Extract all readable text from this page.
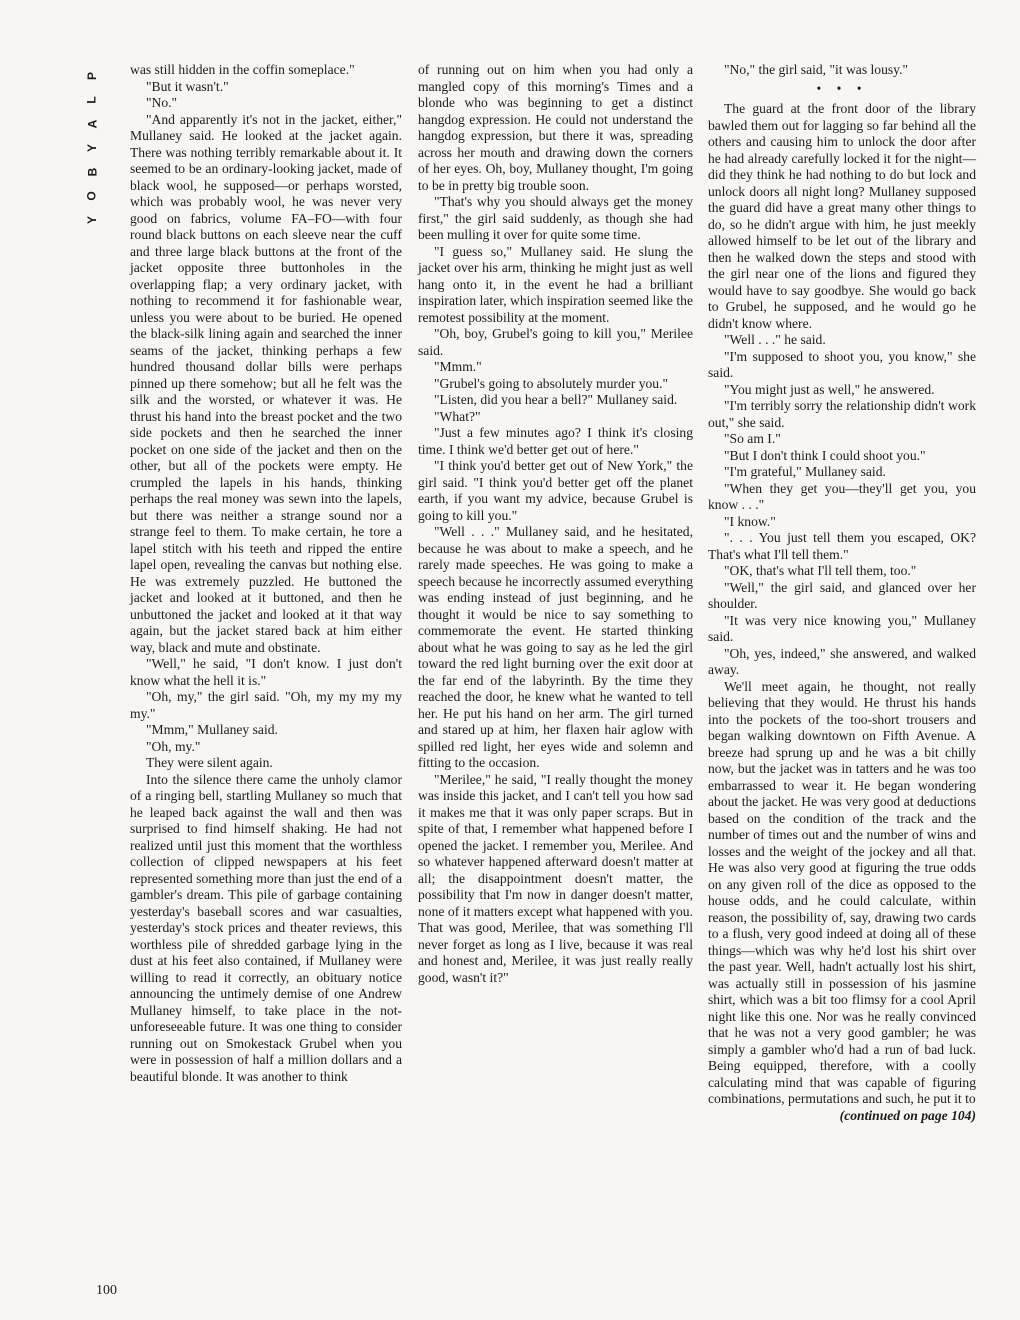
P
L
A
Y
B
O
Y

was still hidden in the coffin someplace."

"But it wasn't."

"No."

"And apparently it's not in the jacket, either," Mullaney said. He looked at the jacket again. There was nothing terribly remarkable about it. It seemed to be an ordinary-looking jacket, made of black wool, he supposed—or perhaps worsted, which was probably wool, he was never very good on fabrics, volume FA–FO—with four round black buttons on each sleeve near the cuff and three large black buttons at the front of the jacket opposite three buttonholes in the overlapping flap; a very ordinary jacket, with nothing to recommend it for fashionable wear, unless you were about to be buried. He opened the black-silk lining again and searched the inner seams of the jacket, thinking perhaps a few hundred thousand dollar bills were perhaps pinned up there somehow; but all he felt was the silk and the worsted, or whatever it was. He thrust his hand into the breast pocket and the two side pockets and then he searched the inner pocket on one side of the jacket and then on the other, but all of the pockets were empty. He crumpled the lapels in his hands, thinking perhaps the real money was sewn into the lapels, but there was neither a strange sound nor a strange feel to them. To make certain, he tore a lapel stitch with his teeth and ripped the entire lapel open, revealing the canvas but nothing else. He was extremely puzzled. He buttoned the jacket and looked at it buttoned, and then he unbuttoned the jacket and looked at it that way again, but the jacket stared back at him either way, black and mute and obstinate.

"Well," he said, "I don't know. I just don't know what the hell it is."

"Oh, my," the girl said. "Oh, my my my my my."

"Mmm," Mullaney said.

"Oh, my."

They were silent again.

Into the silence there came the unholy clamor of a ringing bell, startling Mullaney so much that he leaped back against the wall and then was surprised to find himself shaking. He had not realized until just this moment that the worthless collection of clipped newspapers at his feet represented something more than just the end of a gambler's dream. This pile of garbage containing yesterday's baseball scores and war casualties, yesterday's stock prices and theater reviews, this worthless pile of shredded garbage lying in the dust at his feet also contained, if Mullaney were willing to read it correctly, an obituary notice announcing the untimely demise of one Andrew Mullaney himself, to take place in the not-unforeseeable future. It was one thing to consider running out on Smokestack Grubel when you were in possession of half a million dollars and a beautiful blonde. It was another to think

of running out on him when you had only a mangled copy of this morning's Times and a blonde who was beginning to get a distinct hangdog expression. He could not understand the hangdog expression, but there it was, spreading across her mouth and drawing down the corners of her eyes. Oh, boy, Mullaney thought, I'm going to be in pretty big trouble soon.

"That's why you should always get the money first," the girl said suddenly, as though she had been mulling it over for quite some time.

"I guess so," Mullaney said. He slung the jacket over his arm, thinking he might just as well hang onto it, in the event he had a brilliant inspiration later, which inspiration seemed like the remotest possibility at the moment.

"Oh, boy, Grubel's going to kill you," Merilee said.

"Mmm."

"Grubel's going to absolutely murder you."

"Listen, did you hear a bell?" Mullaney said.

"What?"

"Just a few minutes ago? I think it's closing time. I think we'd better get out of here."

"I think you'd better get out of New York," the girl said. "I think you'd better get off the planet earth, if you want my advice, because Grubel is going to kill you."

"Well . . ." Mullaney said, and he hesitated, because he was about to make a speech, and he rarely made speeches. He was going to make a speech because he incorrectly assumed everything was ending instead of just beginning, and he thought it would be nice to say something to commemorate the event. He started thinking about what he was going to say as he led the girl toward the red light burning over the exit door at the far end of the labyrinth. By the time they reached the door, he knew what he wanted to tell her. He put his hand on her arm. The girl turned and stared up at him, her flaxen hair aglow with spilled red light, her eyes wide and solemn and fitting to the occasion.

"Merilee," he said, "I really thought the money was inside this jacket, and I can't tell you how sad it makes me that it was only paper scraps. But in spite of that, I remember what happened before I opened the jacket. I remember you, Merilee. And so whatever happened afterward doesn't matter at all; the disappointment doesn't matter, the possibility that I'm now in danger doesn't matter, none of it matters except what happened with you. That was good, Merilee, that was something I'll never forget as long as I live, because it was real and honest and, Merilee, it was just really really good, wasn't it?"

"No," the girl said, "it was lousy."

• • •

The guard at the front door of the library bawled them out for lagging so far behind all the others and causing him to unlock the door after he had already carefully locked it for the night—did they think he had nothing to do but lock and unlock doors all night long? Mullaney supposed the guard did have a great many other things to do, so he didn't argue with him, he just meekly allowed himself to be let out of the library and then he walked down the steps and stood with the girl near one of the lions and figured they would have to say goodbye. She would go back to Grubel, he supposed, and he would go he didn't know where.

"Well . . ." he said.

"I'm supposed to shoot you, you know," she said.

"You might just as well," he answered.

"I'm terribly sorry the relationship didn't work out," she said.

"So am I."

"But I don't think I could shoot you."

"I'm grateful," Mullaney said.

"When they get you—they'll get you, you know . . ."

"I know."

". . . You just tell them you escaped, OK? That's what I'll tell them."

"OK, that's what I'll tell them, too."

"Well," the girl said, and glanced over her shoulder.

"It was very nice knowing you," Mullaney said.

"Oh, yes, indeed," she answered, and walked away.

We'll meet again, he thought, not really believing that they would. He thrust his hands into the pockets of the too-short trousers and began walking downtown on Fifth Avenue. A breeze had sprung up and he was a bit chilly now, but the jacket was in tatters and he was too embarrassed to wear it. He began wondering about the jacket. He was very good at deductions based on the condition of the track and the number of times out and the number of wins and losses and the weight of the jockey and all that. He was also very good at figuring the true odds on any given roll of the dice as opposed to the house odds, and he could calculate, within reason, the possibility of, say, drawing two cards to a flush, very good indeed at doing all of these things—which was why he'd lost his shirt over the past year. Well, hadn't actually lost his shirt, was actually still in possession of his jasmine shirt, which was a bit too flimsy for a cool April night like this one. Nor was he really convinced that he was not a very good gambler; he was simply a gambler who'd had a run of bad luck. Being equipped, therefore, with a coolly calculating mind that was capable of figuring combinations, permutations and such, he put it to

(continued on page 104)

100
